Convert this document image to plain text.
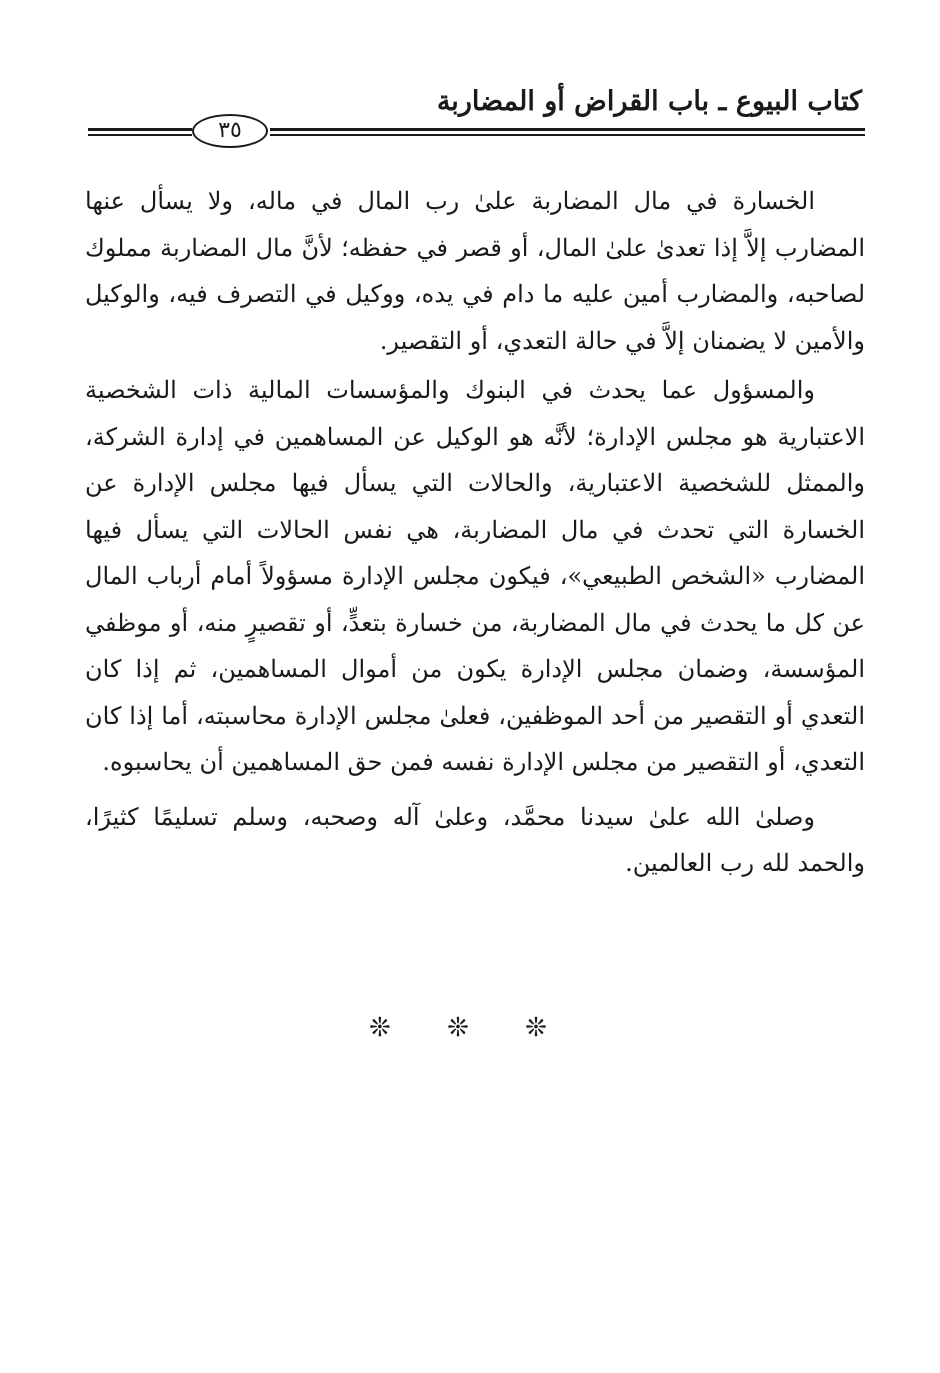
كتاب البيوع ـ باب القراض أو المضاربة
٣٥

الخسارة في مال المضاربة علىٰ رب المال في ماله، ولا يسأل عنها المضارب إلاَّ إذا تعدىٰ علىٰ المال، أو قصر في حفظه؛ لأنَّ مال المضاربة مملوك لصاحبه، والمضارب أمين عليه ما دام في يده، ووكيل في التصرف فيه، والوكيل والأمين لا يضمنان إلاَّ في حالة التعدي، أو التقصير.

والمسؤول عما يحدث في البنوك والمؤسسات المالية ذات الشخصية الاعتبارية هو مجلس الإدارة؛ لأنَّه هو الوكيل عن المساهمين في إدارة الشركة، والممثل للشخصية الاعتبارية، والحالات التي يسأل فيها مجلس الإدارة عن الخسارة التي تحدث في مال المضاربة، هي نفس الحالات التي يسأل فيها المضارب «الشخص الطبيعي»، فيكون مجلس الإدارة مسؤولاً أمام أرباب المال عن كل ما يحدث في مال المضاربة، من خسارة بتعدٍّ، أو تقصيرٍ منه، أو موظفي المؤسسة، وضمان مجلس الإدارة يكون من أموال المساهمين، ثم إذا كان التعدي أو التقصير من أحد الموظفين، فعلىٰ مجلس الإدارة محاسبته، أما إذا كان التعدي، أو التقصير من مجلس الإدارة نفسه فمن حق المساهمين أن يحاسبوه.

وصلىٰ الله علىٰ سيدنا محمَّد، وعلىٰ آله وصحبه، وسلم تسليمًا كثيرًا، والحمد لله رب العالمين.

❊ ❊ ❊
